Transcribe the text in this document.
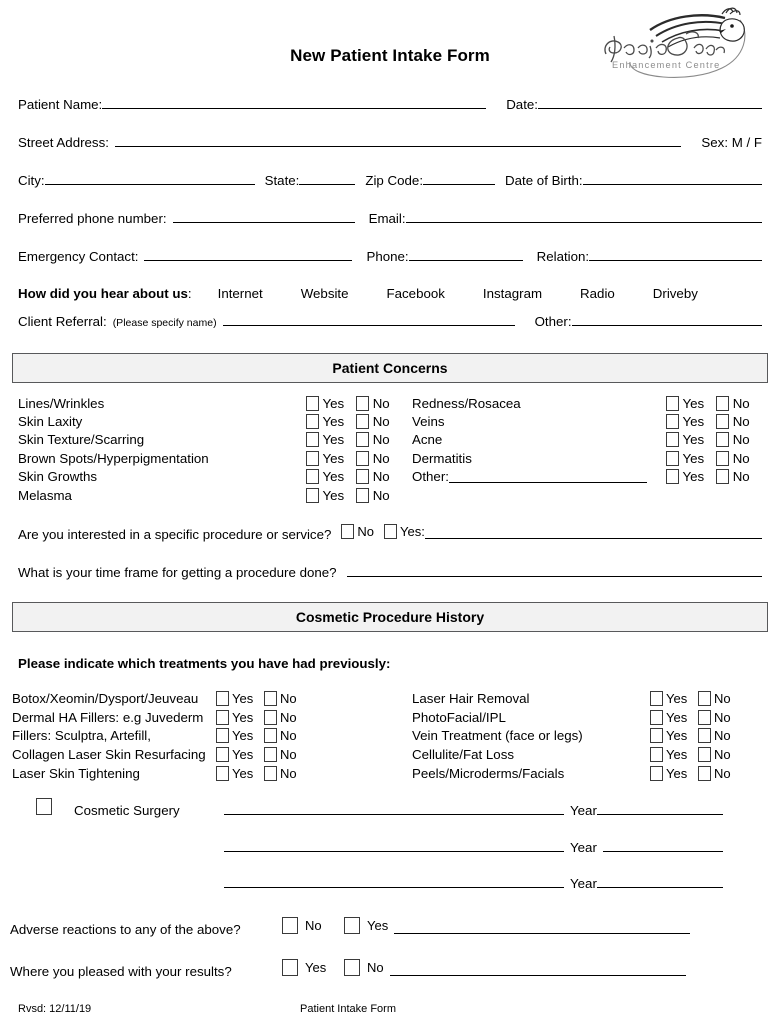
New Patient Intake Form	Enhancement Centre
Patient Name:	Date:
Street Address:	Sex: M / F
City:	State:	Zip Code:	Date of Birth:
Preferred phone number:	Email:
Emergency Contact:	Phone:	Relation:
How did you hear about us : Internet	Website	Facebook	Instagram	Radio	Driveby
Client Referral: (Please specify name)	Other:
Patient Concerns
Lines/Wrinkles	Yes	No	Redness/Rosacea	Yes	No
Skin Laxity	Yes	No	Veins	Yes	No
Skin Texture/Scarring	Yes	No	Acne	Yes	No
Brown Spots/Hyperpigmentation	Yes	No	Dermatitis	Yes	No
Skin Growths	Yes	No	Other:	Yes	No
Melasma	Yes	No
Are you interested in a specific procedure or service? No Yes:
What is your time frame for getting a procedure done?
Cosmetic Procedure History
Please indicate which treatments you have had previously:
Botox/Xeomin/Dysport/Jeuveau	Yes No	Laser Hair Removal	Yes No
Dermal HA Fillers: e.g Juvederm	Yes No	PhotoFacial/IPL	Yes No
Fillers: Sculptra, Artefill,	Yes No	Vein Treatment (face or legs)	Yes No
Collagen Laser Skin Resurfacing	Yes No	Cellulite/Fat Loss	Yes No
Laser Skin Tightening	Yes No	Peels/Microderms/Facials	Yes No
Cosmetic Surgery	Year
Year
Year
Adverse reactions to any of the above?	No	Yes
Where you pleased with your results?	Yes	No
Rvsd: 12/11/19	Patient Intake Form
